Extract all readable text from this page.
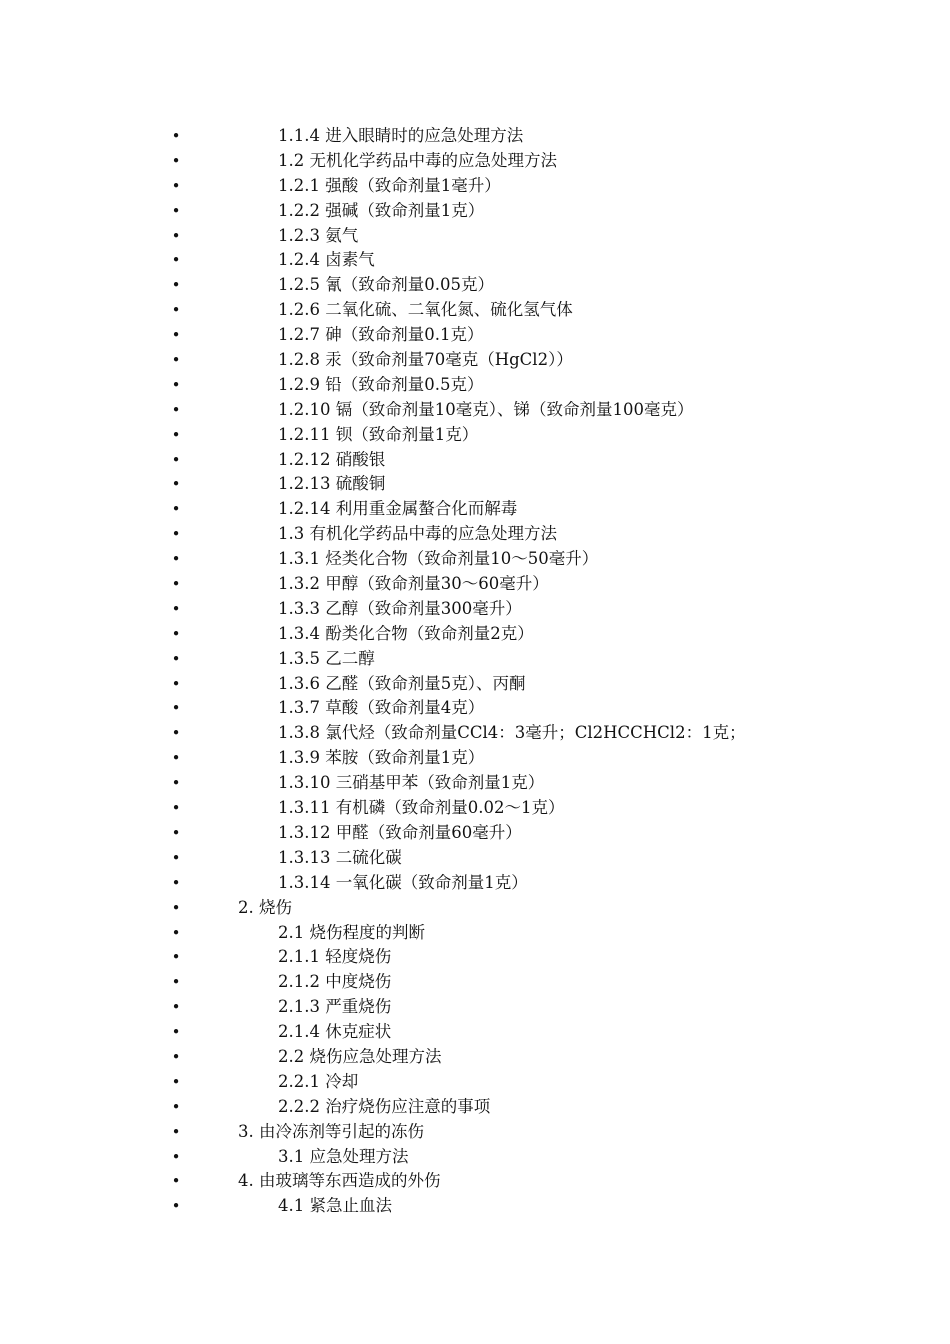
•	1.1.4 进入眼睛时的应急处理方法
•	1.2 无机化学药品中毒的应急处理方法
•	1.2.1 强酸（致命剂量1毫升）
•	1.2.2 强碱（致命剂量1克）
•	1.2.3 氨气
•	1.2.4 卤素气
•	1.2.5 氰（致命剂量0.05克）
•	1.2.6 二氧化硫、二氧化氮、硫化氢气体
•	1.2.7 砷（致命剂量0.1克）
•	1.2.8 汞（致命剂量70毫克（HgCl2））
•	1.2.9 铅（致命剂量0.5克）
•	1.2.10 镉（致命剂量10毫克）、锑（致命剂量100毫克）
•	1.2.11 钡（致命剂量1克）
•	1.2.12 硝酸银
•	1.2.13 硫酸铜
•	1.2.14 利用重金属螯合化而解毒
•	1.3 有机化学药品中毒的应急处理方法
•	1.3.1 烃类化合物（致命剂量10～50毫升）
•	1.3.2 甲醇（致命剂量30～60毫升）
•	1.3.3 乙醇（致命剂量300毫升）
•	1.3.4 酚类化合物（致命剂量2克）
•	1.3.5 乙二醇
•	1.3.6 乙醛（致命剂量5克）、丙酮
•	1.3.7 草酸（致命剂量4克）
•	1.3.8 氯代烃（致命剂量CCl4：3毫升；Cl2HCCHCl2：1克；
•	1.3.9 苯胺（致命剂量1克）
•	1.3.10 三硝基甲苯（致命剂量1克）
•	1.3.11 有机磷（致命剂量0.02～1克）
•	1.3.12 甲醛（致命剂量60毫升）
•	1.3.13 二硫化碳
•	1.3.14 一氧化碳（致命剂量1克）
•	2. 烧伤
•	2.1 烧伤程度的判断
•	2.1.1 轻度烧伤
•	2.1.2 中度烧伤
•	2.1.3 严重烧伤
•	2.1.4 休克症状
•	2.2 烧伤应急处理方法
•	2.2.1 冷却
•	2.2.2 治疗烧伤应注意的事项
•	3. 由冷冻剂等引起的冻伤
•	3.1 应急处理方法
•	4. 由玻璃等东西造成的外伤
•	4.1 紧急止血法
